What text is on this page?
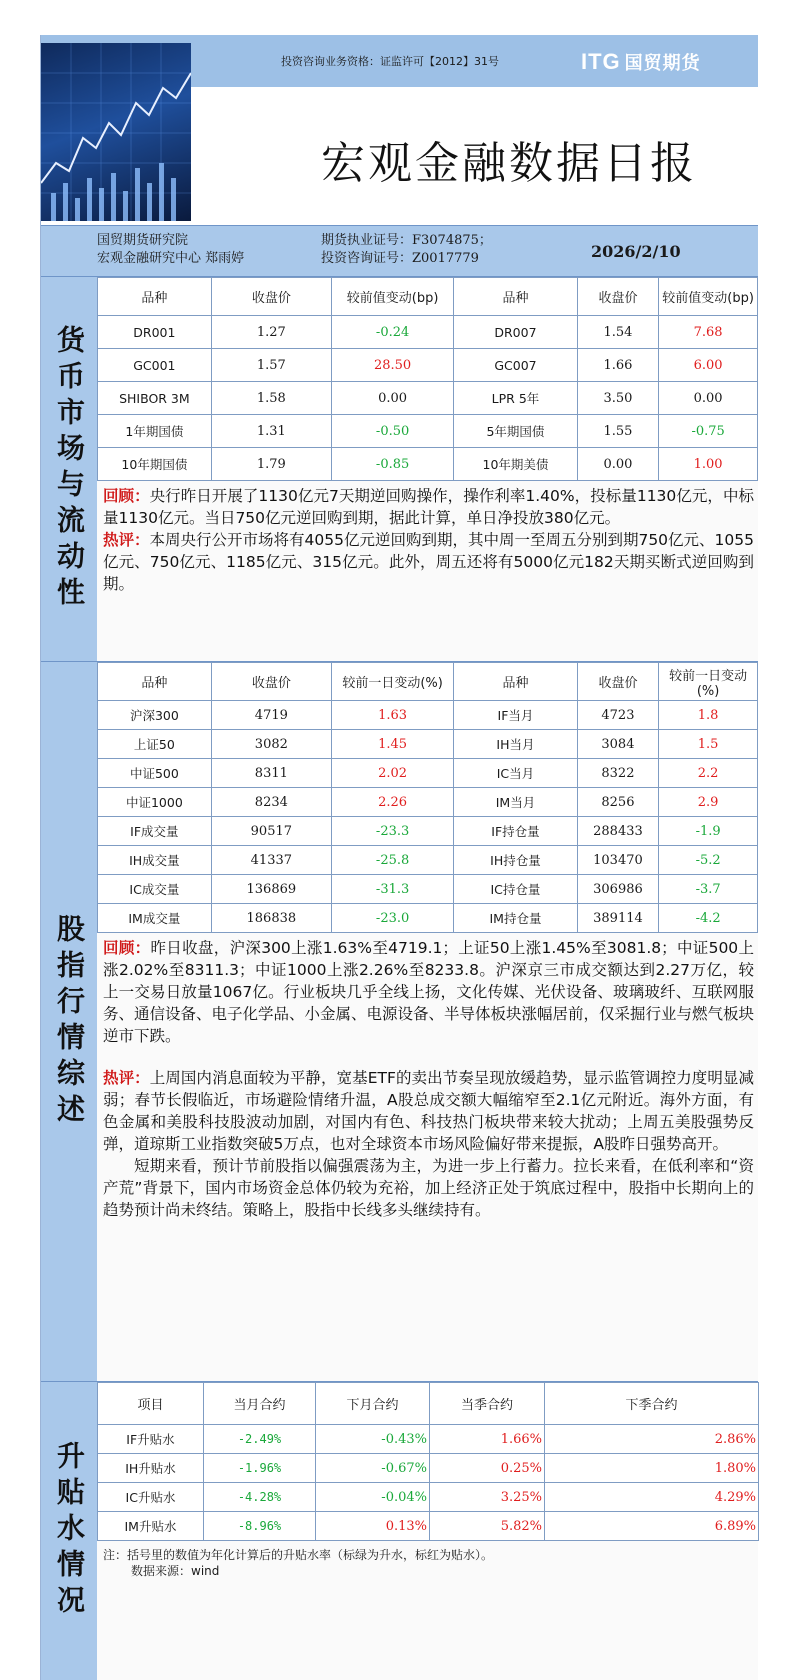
投资咨询业务资格：证监许可【2012】31号	ITG 国贸期货
宏观金融数据日报
国贸期货研究院
宏观金融研究中心 郑雨婷
期货执业证号：F3074875；
投资咨询证号：Z0017779	2026/2/10
货币市场与流动性
品种	收盘价	较前值变动(bp)	品种	收盘价	较前值变动(bp)
DR001	1.27	-0.24	DR007	1.54	7.68
GC001	1.57	28.50	GC007	1.66	6.00
SHIBOR 3M	1.58	0.00	LPR 5年	3.50	0.00
1年期国债	1.31	-0.50	5年期国债	1.55	-0.75
10年期国债	1.79	-0.85	10年期美债	0.00	1.00
回顾：央行昨日开展了1130亿元7天期逆回购操作，操作利率1.40%，投标量1130亿元，中标量1130亿元。当日750亿元逆回购到期，据此计算，单日净投放380亿元。
热评：本周央行公开市场将有4055亿元逆回购到期，其中周一至周五分别到期750亿元、1055亿元、750亿元、1185亿元、315亿元。此外，周五还将有5000亿元182天期买断式逆回购到期。
股指行情综述
品种	收盘价	较前一日变动(%)	品种	收盘价	较前一日变动(%)
沪深300	4719	1.63	IF当月	4723	1.8
上证50	3082	1.45	IH当月	3084	1.5
中证500	8311	2.02	IC当月	8322	2.2
中证1000	8234	2.26	IM当月	8256	2.9
IF成交量	90517	-23.3	IF持仓量	288433	-1.9
IH成交量	41337	-25.8	IH持仓量	103470	-5.2
IC成交量	136869	-31.3	IC持仓量	306986	-3.7
IM成交量	186838	-23.0	IM持仓量	389114	-4.2
回顾：昨日收盘，沪深300上涨1.63%至4719.1；上证50上涨1.45%至3081.8；中证500上涨2.02%至8311.3；中证1000上涨2.26%至8233.8。沪深京三市成交额达到2.27万亿，较上一交易日放量1067亿。行业板块几乎全线上扬，文化传媒、光伏设备、玻璃玻纤、互联网服务、通信设备、电子化学品、小金属、电源设备、半导体板块涨幅居前，仅采掘行业与燃气板块逆市下跌。
热评：上周国内消息面较为平静，宽基ETF的卖出节奏呈现放缓趋势，显示监管调控力度明显减弱；春节长假临近，市场避险情绪升温，A股总成交额大幅缩窄至2.1亿元附近。海外方面，有色金属和美股科技股波动加剧，对国内有色、科技热门板块带来较大扰动；上周五美股强势反弹，道琼斯工业指数突破5万点，也对全球资本市场风险偏好带来提振，A股昨日强势高开。
短期来看，预计节前股指以偏强震荡为主，为进一步上行蓄力。拉长来看，在低利率和“资产荒”背景下，国内市场资金总体仍较为充裕，加上经济正处于筑底过程中，股指中长期向上的趋势预计尚未终结。策略上，股指中长线多头继续持有。
升贴水情况
项目	当月合约	下月合约	当季合约	下季合约
IF升贴水	-2.49%	-0.43%	1.66%	2.86%
IH升贴水	-1.96%	-0.67%	0.25%	1.80%
IC升贴水	-4.28%	-0.04%	3.25%	4.29%
IM升贴水	-8.96%	0.13%	5.82%	6.89%
注：括号里的数值为年化计算后的升贴水率（标绿为升水，标红为贴水）。
数据来源：wind
